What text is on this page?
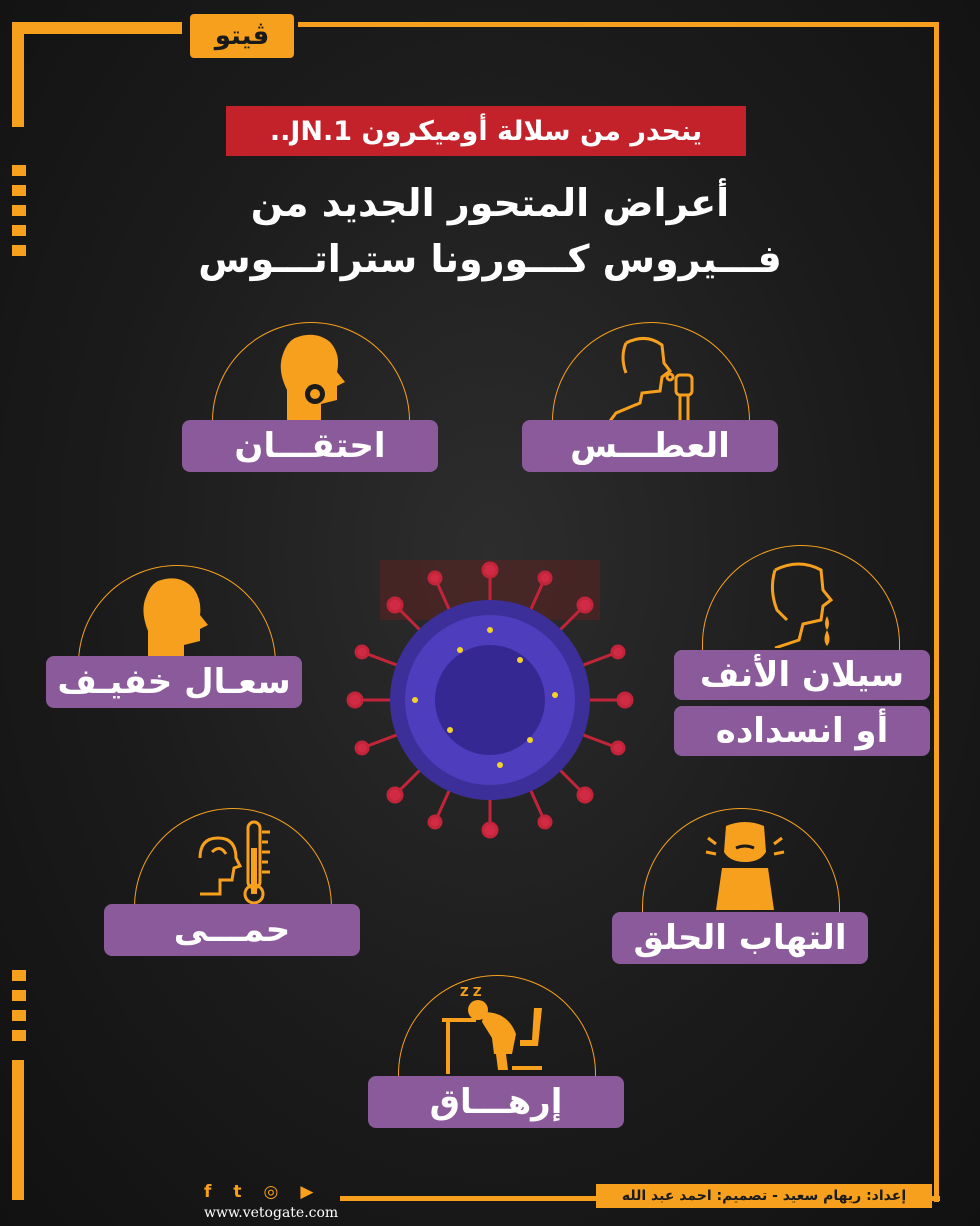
ڤيتو
ينحدر من سلالة أوميكرون JN.1..
أعراض المتحور الجديد من
فـــيروس كـــورونا ستراتـــوس
Z Z
احتقـــان	العطـــس
سعـال خفيـف	سيلان الأنف
أو انسداده
حمـــى	التهاب الحلق
إرهـــاق
f t ◎ ▶
www.vetogate.com
إعداد: ريهام سعيد - تصميم: احمد عبد الله
